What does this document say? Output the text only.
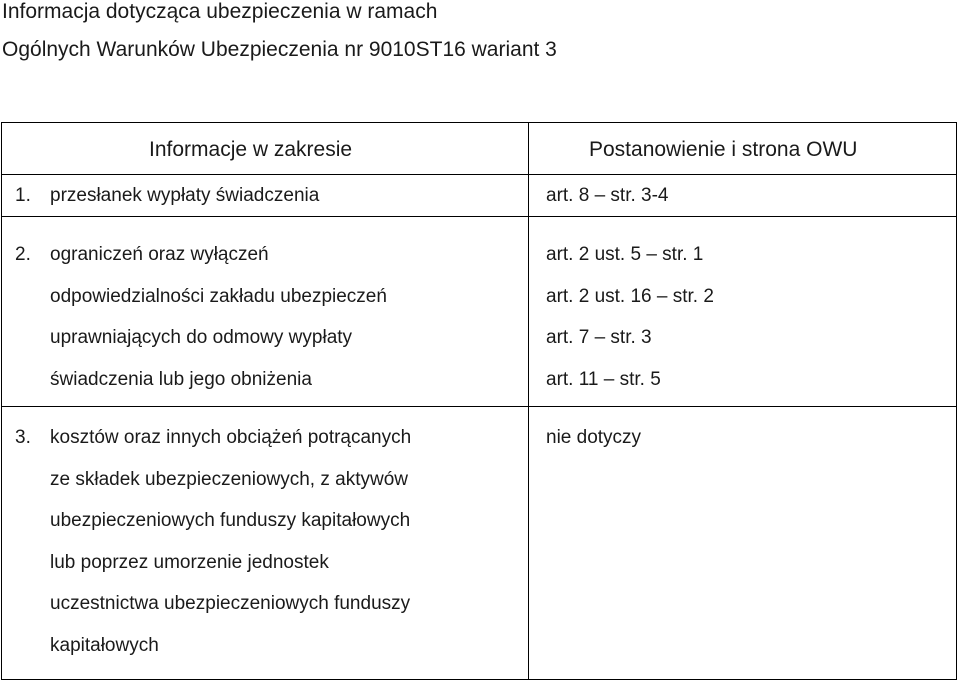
Informacja dotycząca ubezpieczenia w ramach
Ogólnych Warunków Ubezpieczenia nr 9010ST16 wariant 3
Informacje w zakresie	Postanowienie i strona OWU
1. przesłanek wypłaty świadczenia	art. 8 – str. 3-4
2. ograniczeń oraz wyłączeń
odpowiedzialności zakładu ubezpieczeń
uprawniających do odmowy wypłaty
świadczenia lub jego obniżenia
art. 2 ust. 5 – str. 1
art. 2 ust. 16 – str. 2
art. 7 – str. 3
art. 11 – str. 5
3. kosztów oraz innych obciążeń potrącanych
ze składek ubezpieczeniowych, z aktywów
ubezpieczeniowych funduszy kapitałowych
lub poprzez umorzenie jednostek
uczestnictwa ubezpieczeniowych funduszy
kapitałowych
nie dotyczy
